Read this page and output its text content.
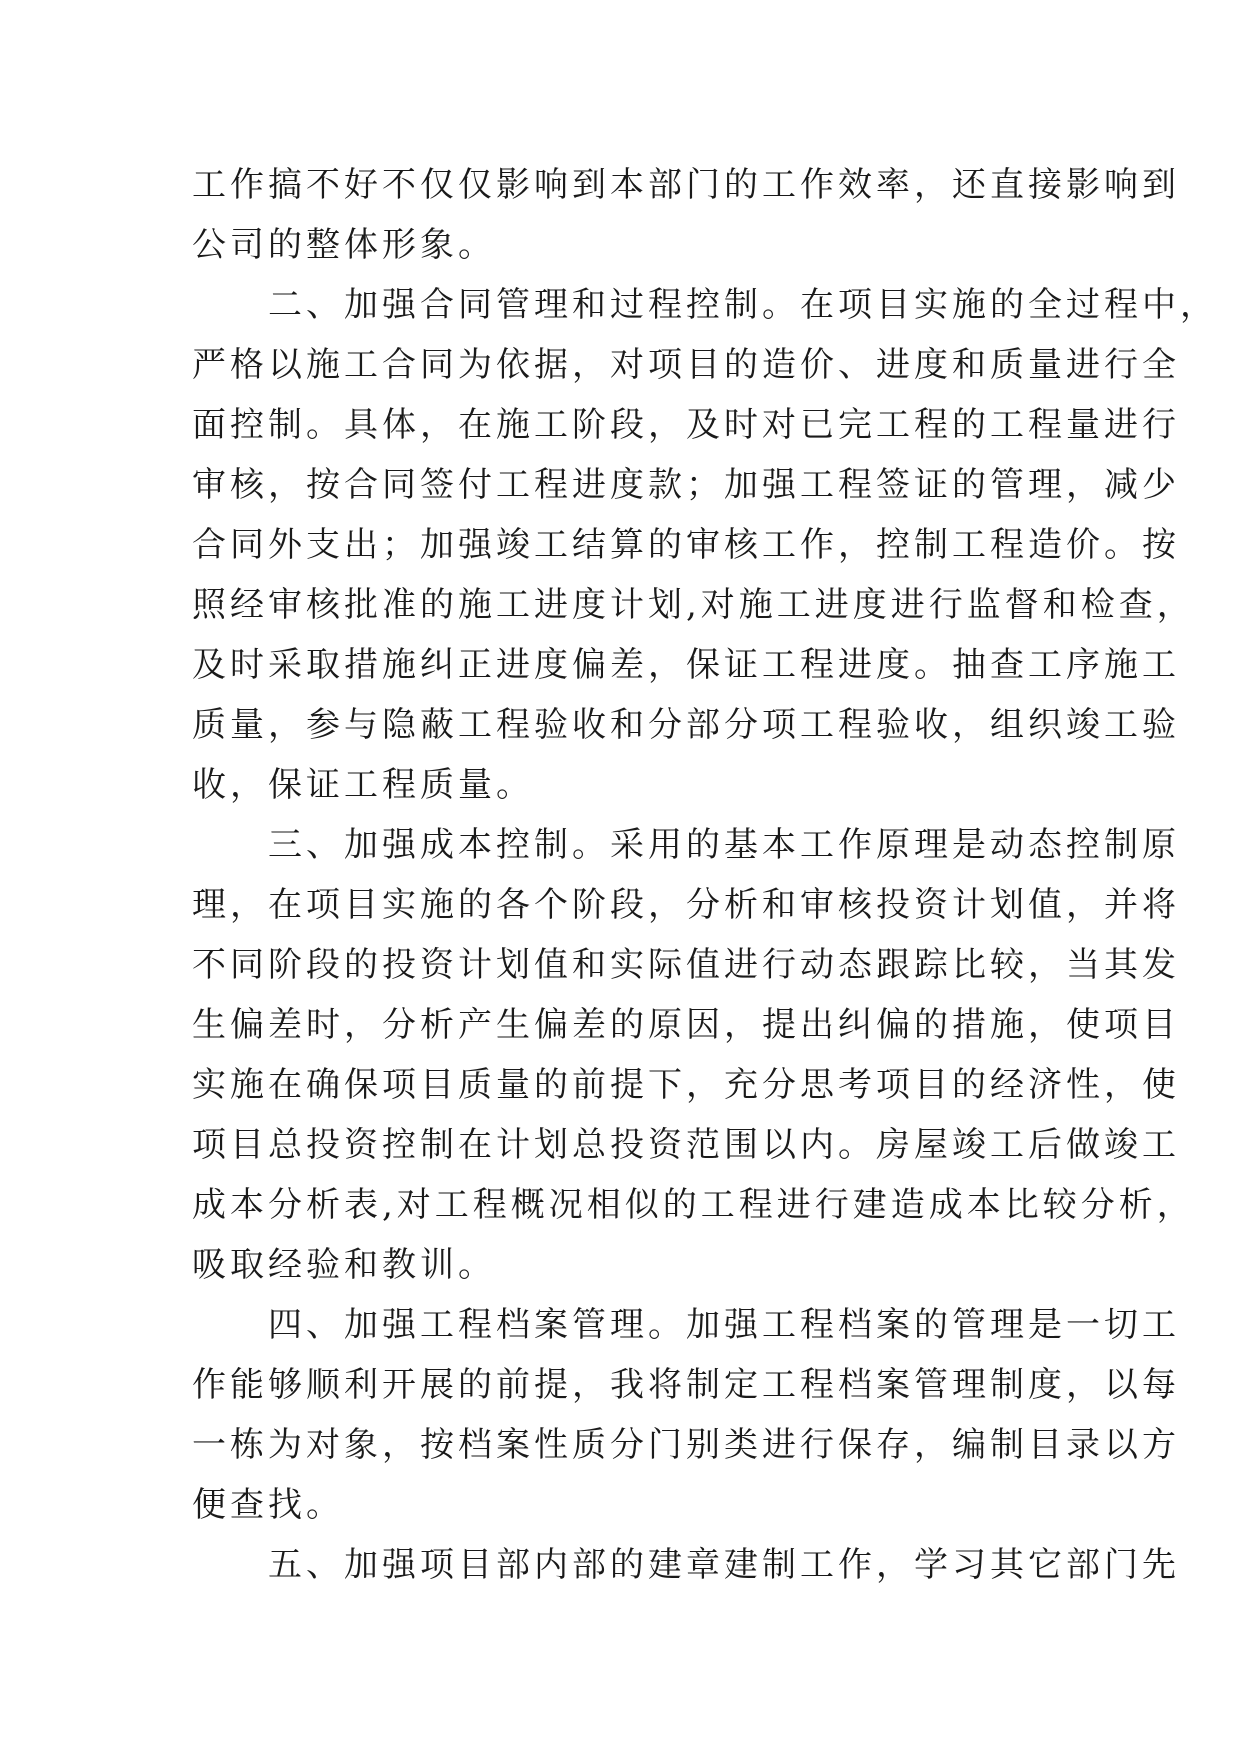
工作搞不好不仅仅影响到本部门的工作效率，还直接影响到
公司的整体形象。
二、加强合同管理和过程控制。在项目实施的全过程中，
严格以施工合同为依据，对项目的造价、进度和质量进行全
面控制。具体，在施工阶段，及时对已完工程的工程量进行
审核，按合同签付工程进度款；加强工程签证的管理，减少
合同外支出；加强竣工结算的审核工作，控制工程造价。按
照经审核批准的施工进度计划,对施工进度进行监督和检查，
及时采取措施纠正进度偏差，保证工程进度。抽查工序施工
质量，参与隐蔽工程验收和分部分项工程验收，组织竣工验
收，保证工程质量。
三、加强成本控制。采用的基本工作原理是动态控制原
理，在项目实施的各个阶段，分析和审核投资计划值，并将
不同阶段的投资计划值和实际值进行动态跟踪比较，当其发
生偏差时，分析产生偏差的原因，提出纠偏的措施，使项目
实施在确保项目质量的前提下，充分思考项目的经济性，使
项目总投资控制在计划总投资范围以内。房屋竣工后做竣工
成本分析表,对工程概况相似的工程进行建造成本比较分析，
吸取经验和教训。
四、加强工程档案管理。加强工程档案的管理是一切工
作能够顺利开展的前提，我将制定工程档案管理制度，以每
一栋为对象，按档案性质分门别类进行保存，编制目录以方
便查找。
五、加强项目部内部的建章建制工作，学习其它部门先
